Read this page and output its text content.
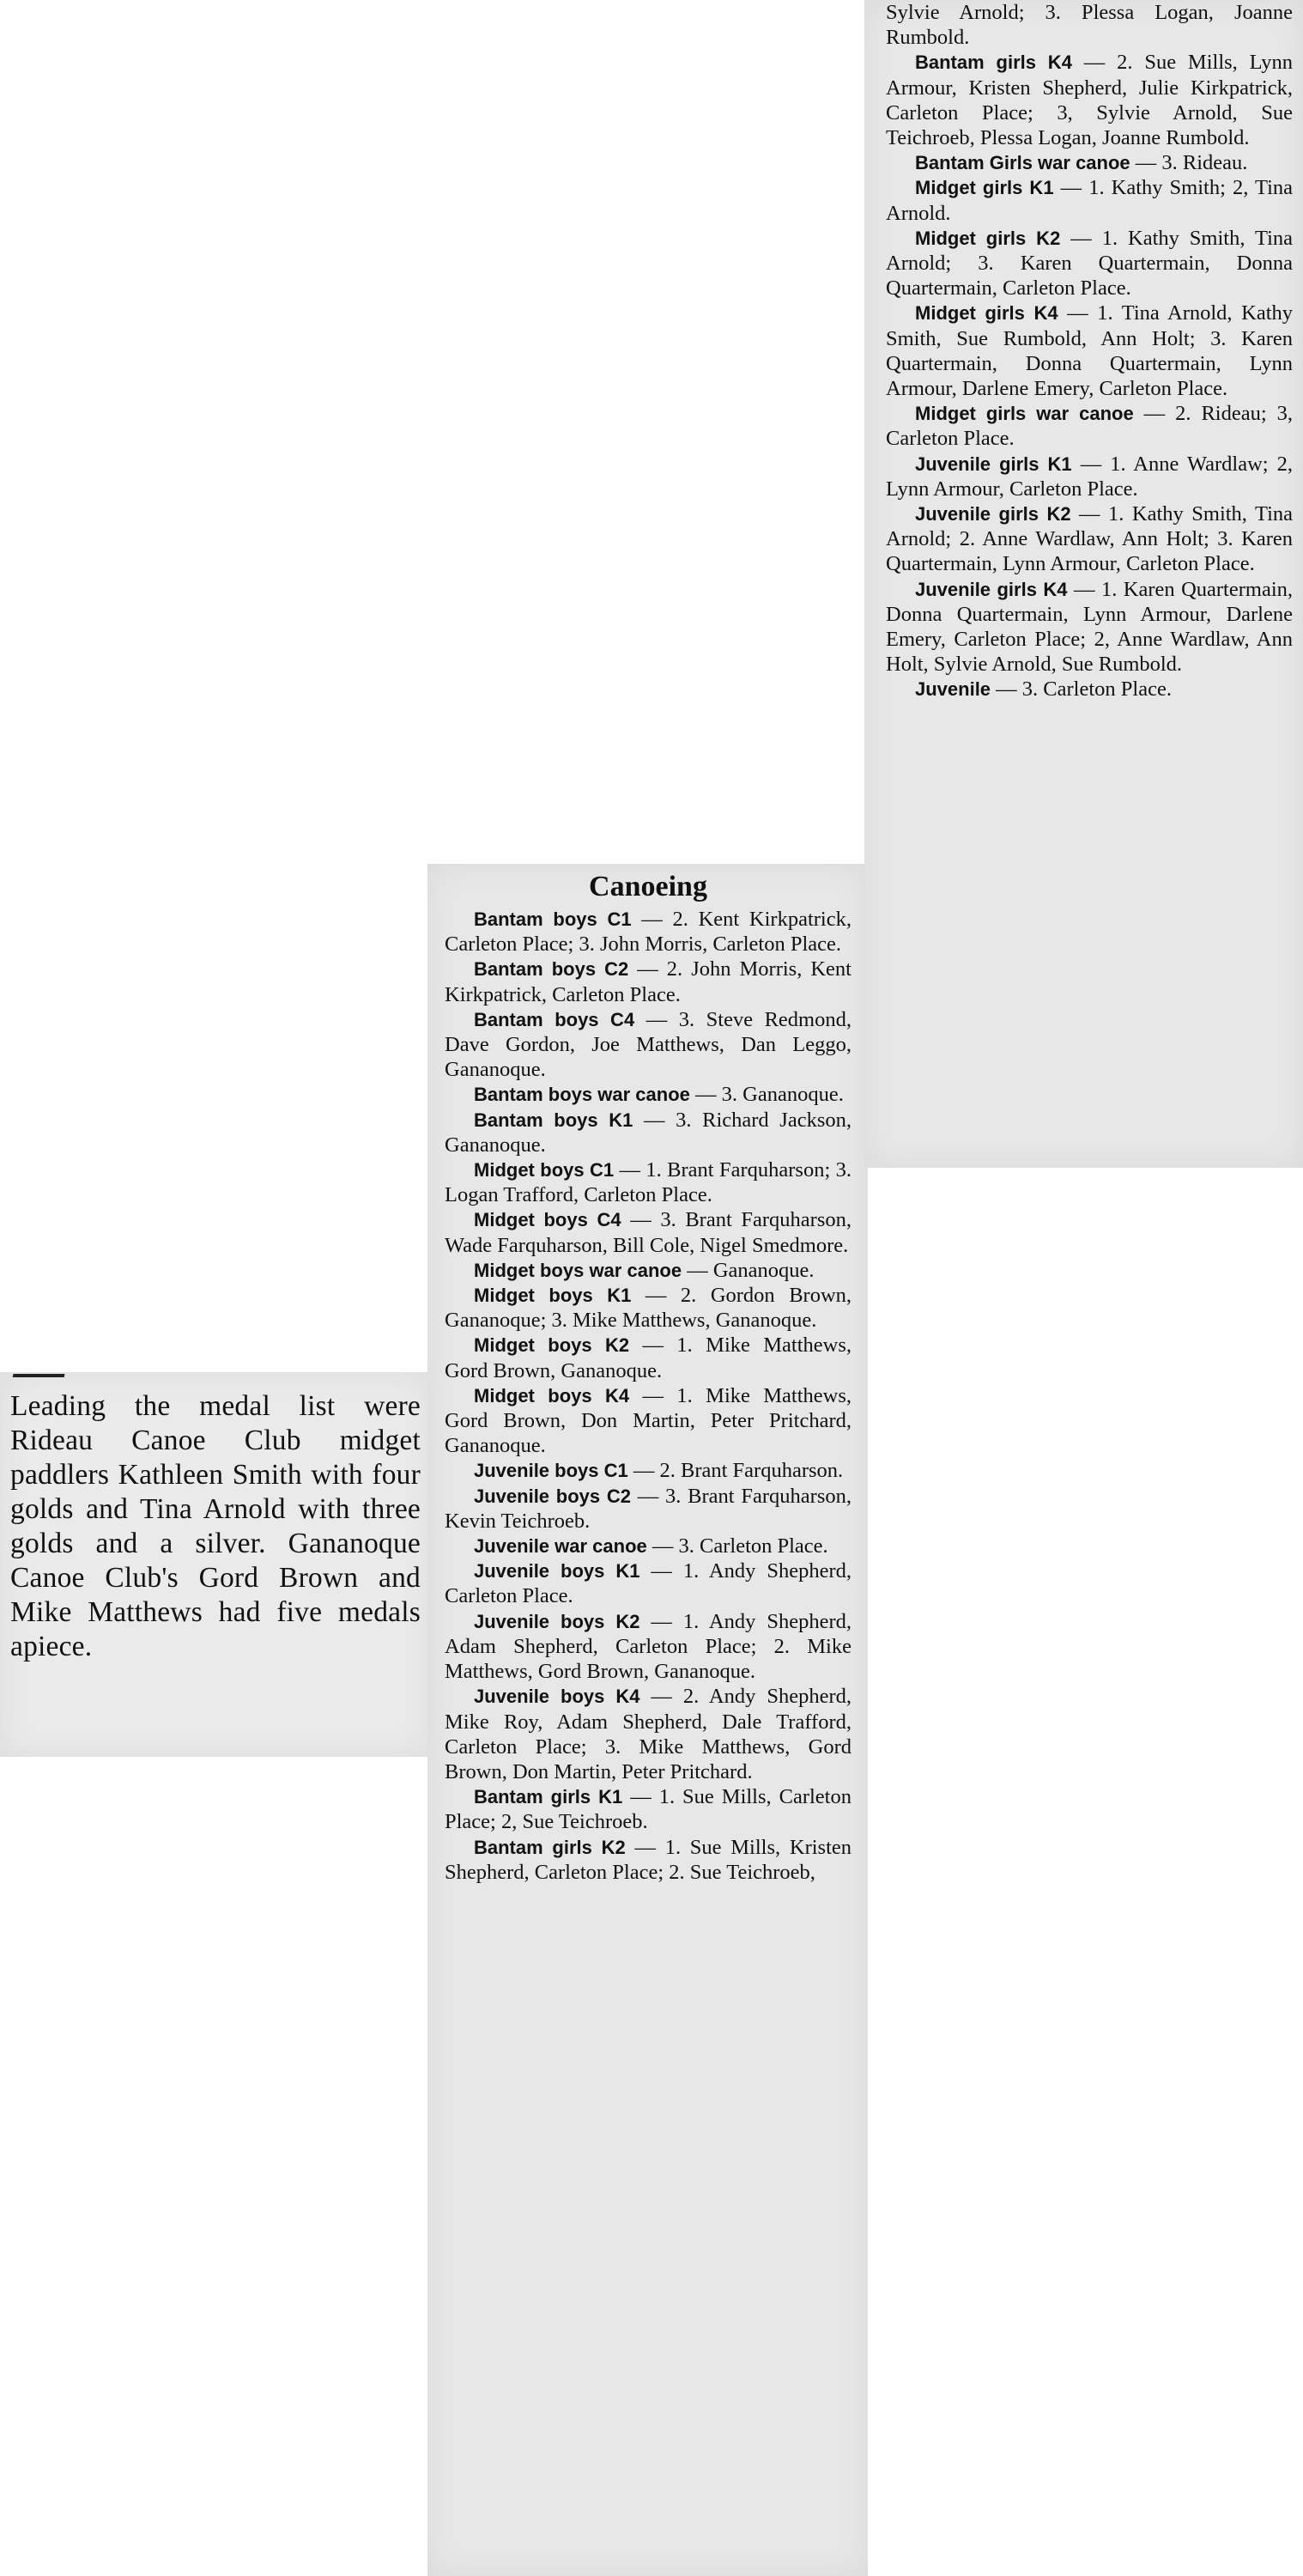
Leading the medal list were Rideau Canoe Club midget paddlers Kathleen Smith with four golds and Tina Arnold with three golds and a silver. Gananoque Canoe Club's Gord Brown and Mike Matthews had five medals apiece.

Canoeing

Bantam boys C1 — 2. Kent Kirkpatrick, Carleton Place; 3. John Morris, Carleton Place.

Bantam boys C2 — 2. John Morris, Kent Kirkpatrick, Carleton Place.

Bantam boys C4 — 3. Steve Redmond, Dave Gordon, Joe Matthews, Dan Leggo, Gananoque.

Bantam boys war canoe — 3. Gananoque.

Bantam boys K1 — 3. Richard Jackson, Gananoque.

Midget boys C1 — 1. Brant Farquharson; 3. Logan Trafford, Carleton Place.

Midget boys C4 — 3. Brant Farquharson, Wade Farquharson, Bill Cole, Nigel Smedmore.

Midget boys war canoe — Gananoque.

Midget boys K1 — 2. Gordon Brown, Gananoque; 3. Mike Matthews, Gananoque.

Midget boys K2 — 1. Mike Matthews, Gord Brown, Gananoque.

Midget boys K4 — 1. Mike Matthews, Gord Brown, Don Martin, Peter Pritchard, Gananoque.

Juvenile boys C1 — 2. Brant Farquharson.

Juvenile boys C2 — 3. Brant Farquharson, Kevin Teichroeb.

Juvenile war canoe — 3. Carleton Place.

Juvenile boys K1 — 1. Andy Shepherd, Carleton Place.

Juvenile boys K2 — 1. Andy Shepherd, Adam Shepherd, Carleton Place; 2. Mike Matthews, Gord Brown, Gananoque.

Juvenile boys K4 — 2. Andy Shepherd, Mike Roy, Adam Shepherd, Dale Trafford, Carleton Place; 3. Mike Matthews, Gord Brown, Don Martin, Peter Pritchard.

Bantam girls K1 — 1. Sue Mills, Carleton Place; 2, Sue Teichroeb.

Bantam girls K2 — 1. Sue Mills, Kristen Shepherd, Carleton Place; 2. Sue Teichroeb,

Sylvie Arnold; 3. Plessa Logan, Joanne Rumbold.

Bantam girls K4 — 2. Sue Mills, Lynn Armour, Kristen Shepherd, Julie Kirkpatrick, Carleton Place; 3, Sylvie Arnold, Sue Teichroeb, Plessa Logan, Joanne Rumbold.

Bantam Girls war canoe — 3. Rideau.

Midget girls K1 — 1. Kathy Smith; 2, Tina Arnold.

Midget girls K2 — 1. Kathy Smith, Tina Arnold; 3. Karen Quartermain, Donna Quartermain, Carleton Place.

Midget girls K4 — 1. Tina Arnold, Kathy Smith, Sue Rumbold, Ann Holt; 3. Karen Quartermain, Donna Quartermain, Lynn Armour, Darlene Emery, Carleton Place.

Midget girls war canoe — 2. Rideau; 3, Carleton Place.

Juvenile girls K1 — 1. Anne Wardlaw; 2, Lynn Armour, Carleton Place.

Juvenile girls K2 — 1. Kathy Smith, Tina Arnold; 2. Anne Wardlaw, Ann Holt; 3. Karen Quartermain, Lynn Armour, Carleton Place.

Juvenile girls K4 — 1. Karen Quartermain, Donna Quartermain, Lynn Armour, Darlene Emery, Carleton Place; 2, Anne Wardlaw, Ann Holt, Sylvie Arnold, Sue Rumbold.

Juvenile — 3. Carleton Place.
